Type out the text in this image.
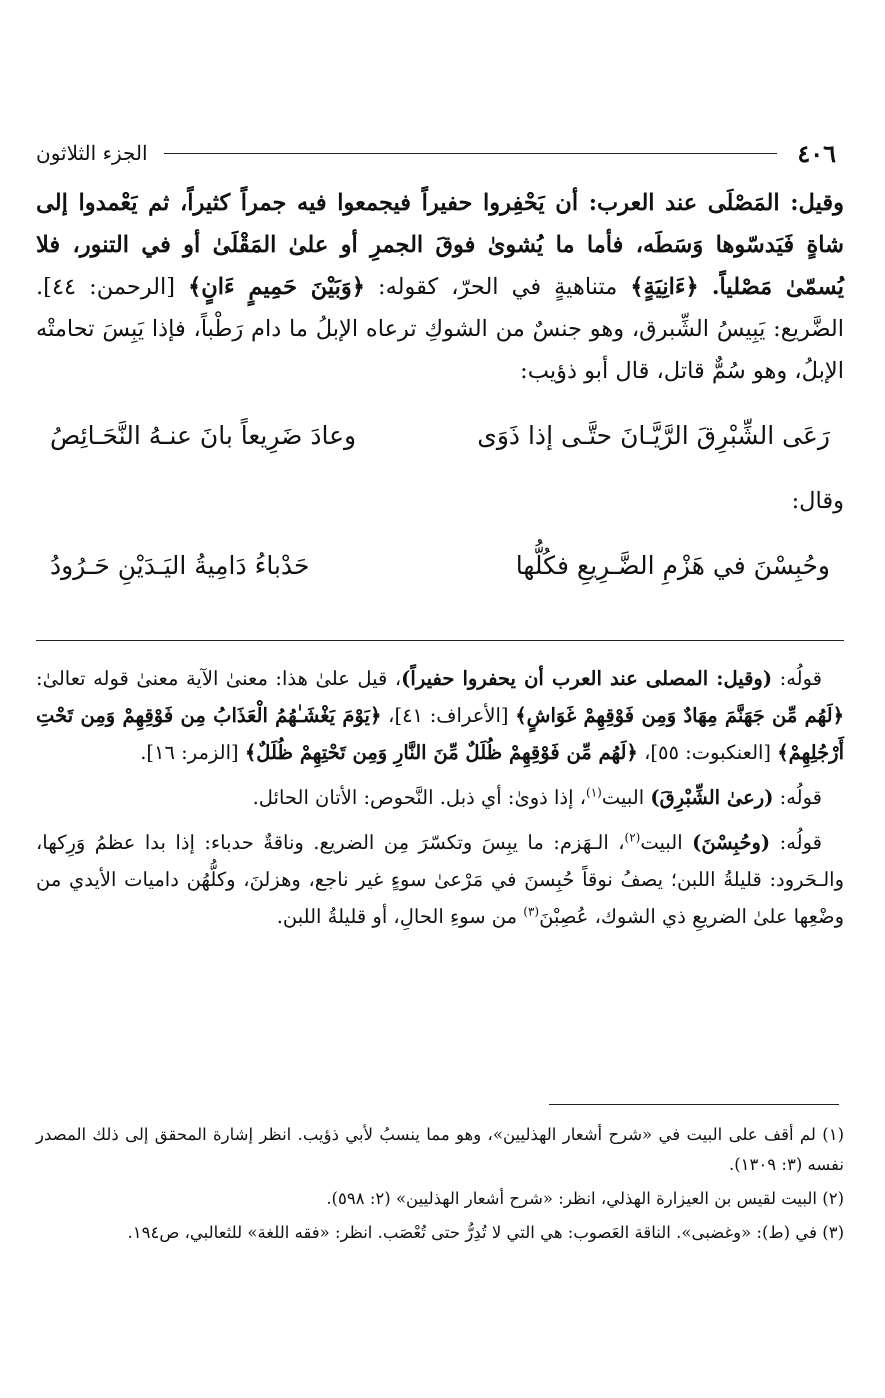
٤٠٦
الجزء الثلاثون

وقيل: المَصْلَى عند العرب: أن يَحْفِروا حفيراً فيجمعوا فيه جمراً كثيراً، ثم يَعْمدوا إلى شاةٍ فَيَدسّوها وَسَطَه، فأما ما يُشوىٰ فوقَ الجمرِ أو علىٰ المَقْلَىٰ أو في التنور، فلا يُسمّىٰ مَصْلياً. ﴿ءَانِيَةٍ﴾ متناهيةٍ في الحرّ، كقوله: ﴿وَبَيْنَ حَمِيمٍ ءَانٍ﴾ [الرحمن: ٤٤]. الضَّريع: يَبِيسُ الشِّبرق، وهو جنسٌ من الشوكِ ترعاه الإبلُ ما دام رَطْباً، فإذا يَبِسَ تحامتْه الإبلُ، وهو سُمٌّ قاتل، قال أبو ذؤيب:

رَعَى الشِّبْرِقَ الرَّيَّـانَ حتَّـى إذا ذَوَى
وعادَ ضَرِيعاً بانَ عنـهُ النَّحَـائِصُ

وقال:

وحُبِسْنَ في هَزْمِ الضَّـرِيعِ فكُلُّها
حَدْباءُ دَامِيةُ اليَـدَيْنِ حَـرُودُ

قولُه: (وقيل: المصلى عند العرب أن يحفروا حفيراً)، قيل علىٰ هذا: معنىٰ الآية معنىٰ قوله تعالىٰ: ﴿لَهُم مِّن جَهَنَّمَ مِهَادٌ وَمِن فَوْقِهِمْ غَوَاشٍ﴾ [الأعراف: ٤١]، ﴿يَوْمَ يَغْشَـٰهُمُ الْعَذَابُ مِن فَوْقِهِمْ وَمِن تَحْتِ أَرْجُلِهِمْ﴾ [العنكبوت: ٥٥]، ﴿لَهُم مِّن فَوْقِهِمْ ظُلَلٌ مِّنَ النَّارِ وَمِن تَحْتِهِمْ ظُلَلٌ﴾ [الزمر: ١٦].

قولُه: (رعىٰ الشِّبْرِقَ) البيت$^{(١)}$، إذا ذوىٰ: أي ذبل. النَّحوص: الأتان الحائل.

قولُه: (وحُبِسْنَ) البيت$^{(٢)}$، الـهَزم: ما يبِسَ وتكسّرَ مِن الضريع. وناقةٌ حدباء: إذا بدا عظمُ وَرِكها، والـحَرود: قليلةُ اللبن؛ يصفُ نوقاً حُبِسنَ في مَرْعىٰ سوءٍ غير ناجع، وهزلنَ، وكلُّهُن داميات الأيدي من وضْعِها علىٰ الضريعِ ذي الشوك، عُصِبْنَ$^{(٣)}$ من سوءِ الحالِ، أو قليلةُ اللبن.

(١) لم أقف على البيت في «شرح أشعار الهذليين»، وهو مما ينسبُ لأبي ذؤيب. انظر إشارة المحقق إلى ذلك المصدر نفسه (٣: ١٣٠٩).

(٢) البيت لقيس بن العيزارة الهذلي، انظر: «شرح أشعار الهذليين» (٢: ٥٩٨).

(٣) في (ط): «وغضبى». الناقة العَصوب: هي التي لا تُدِرُّ حتى تُعْصَب. انظر: «فقه اللغة» للثعالبي، ص١٩٤.
